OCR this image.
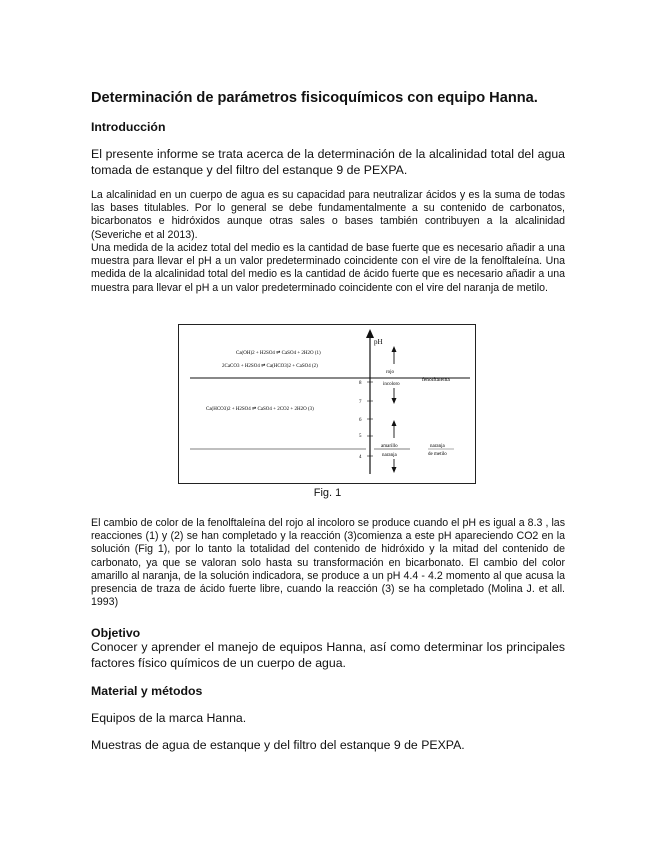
Determinación de parámetros fisicoquímicos con equipo Hanna.
Introducción

El presente informe se trata acerca de la determinación de la alcalinidad total del agua tomada de estanque y del filtro del estanque 9 de PEXPA.

La alcalinidad en un cuerpo de agua es su capacidad para neutralizar ácidos y es la suma de todas las bases titulables. Por lo general se debe fundamentalmente a su contenido de carbonatos, bicarbonatos e hidróxidos aunque otras sales o bases también contribuyen a la alcalinidad (Severiche et al 2013).

Una medida de la acidez total del medio es la cantidad de base fuerte que es necesario añadir a una muestra para llevar el pH a un valor predeterminado coincidente con el vire de la fenolftaleína. Una medida de la alcalinidad total del medio es la cantidad de ácido fuerte que es necesario añadir a una muestra para llevar el pH a un valor predeterminado coincidente con el vire del naranja de metilo.

pH
Ca(OH)2 + H2SO4 ⇌ CaSO4 + 2H2O (1)
2CaCO3 + H2SO4 ⇌ Ca(HCO3)2 + CaSO4 (2)
Ca(HCO3)2 + H2SO4 ⇌ CaSO4 + 2CO2 + 2H2O (3)
8
7
6
5
4
rojo
incoloro
fenolftaleína
amarillo
naranja
naranja
de metilo

Fig. 1

El cambio de color de la fenolftaleína del rojo al incoloro se produce cuando el pH es igual a 8.3 , las reacciones (1) y (2) se han completado y la reacción (3)comienza a este pH apareciendo CO2 en la solución (Fig 1), por lo tanto la totalidad del contenido de hidróxido y la mitad del contenido de carbonato, ya que se valoran solo hasta su transformación en bicarbonato. El cambio del color amarillo al naranja, de la solución indicadora, se produce a un pH 4.4 - 4.2 momento al que acusa la presencia de traza de ácido fuerte libre, cuando la reacción (3) se ha completado (Molina J. et all. 1993)

Objetivo

Conocer y aprender el manejo de equipos Hanna, así como determinar los principales factores físico químicos de un cuerpo de agua.

Material y métodos

Equipos de la marca Hanna.

Muestras de agua de estanque y del filtro del estanque 9 de PEXPA.
